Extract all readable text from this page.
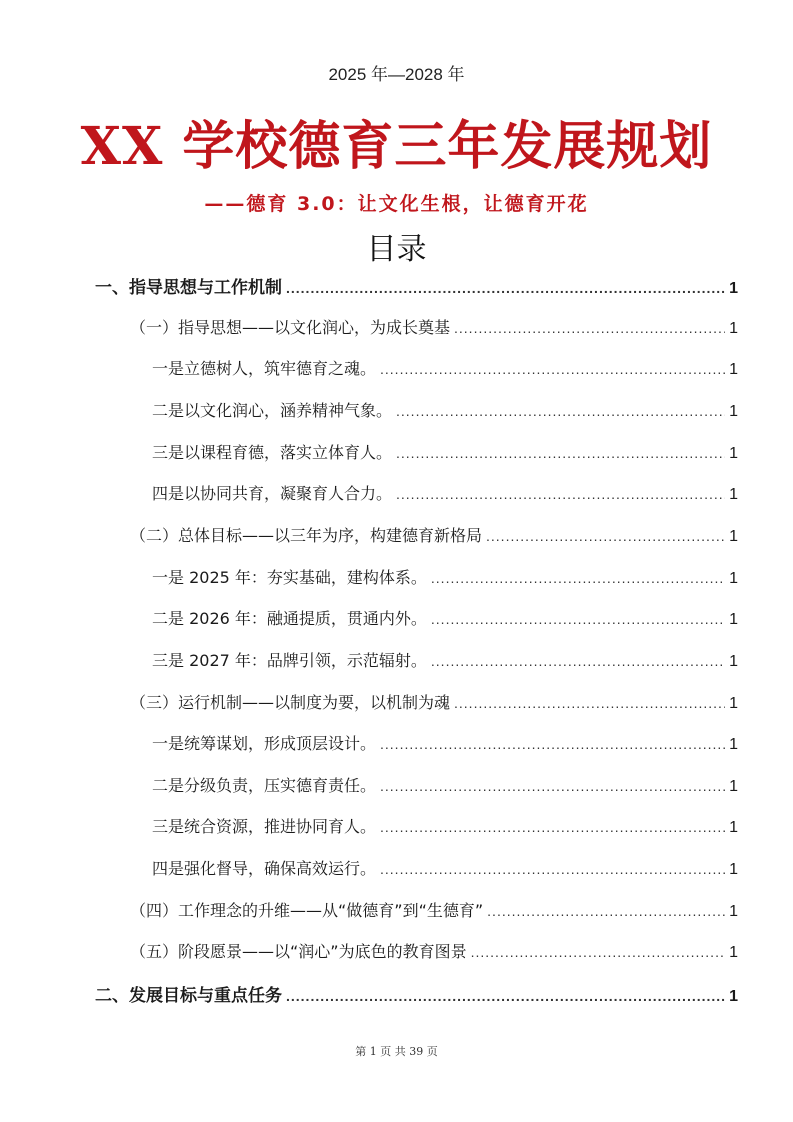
2025 年—2028 年
XX 学校德育三年发展规划
——德育 3.0：让文化生根，让德育开花
目录
一、指导思想与工作机制 .....	1
（一）指导思想——以文化润心，为成长奠基 .....	1
一是立德树人，筑牢德育之魂。 .....	1
二是以文化润心，涵养精神气象。 .....	1
三是以课程育德，落实立体育人。 .....	1
四是以协同共育，凝聚育人合力。 .....	1
（二）总体目标——以三年为序，构建德育新格局 .....	1
一是 2025 年：夯实基础，建构体系。 .....	1
二是 2026 年：融通提质，贯通内外。 .....	1
三是 2027 年：品牌引领，示范辐射。 .....	1
（三）运行机制——以制度为要，以机制为魂 .....	1
一是统筹谋划，形成顶层设计。 .....	1
二是分级负责，压实德育责任。 .....	1
三是统合资源，推进协同育人。 .....	1
四是强化督导，确保高效运行。 .....	1
（四）工作理念的升维——从“做德育”到“生德育” .....	1
（五）阶段愿景——以“润心”为底色的教育图景 .....	1
二、发展目标与重点任务 .....	1
第 1 页 共 39 页
